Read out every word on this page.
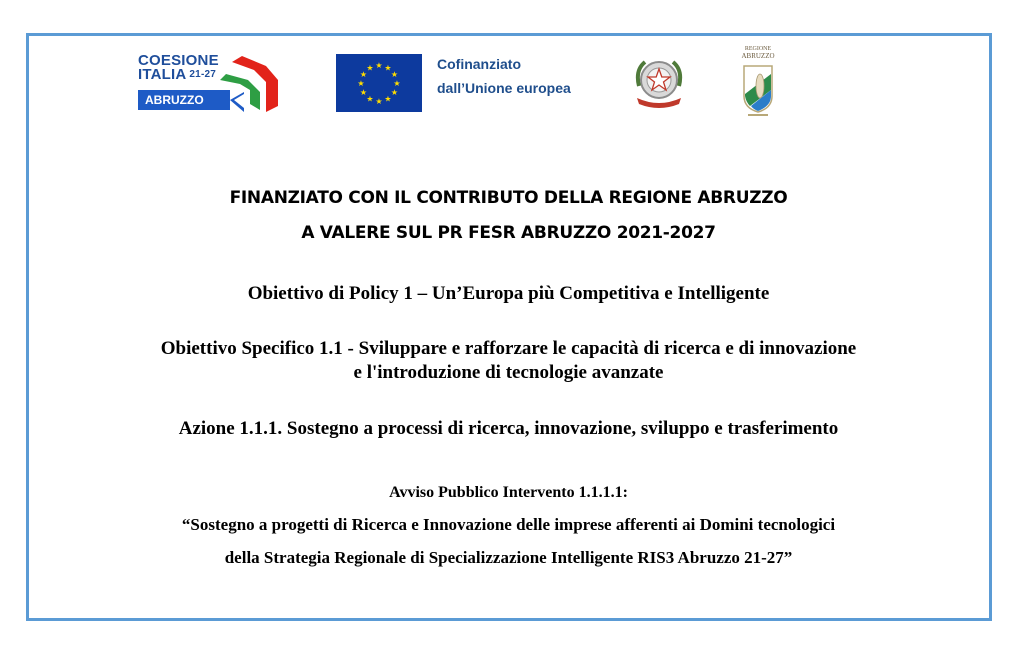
COESIONE
ITALIA 21-27
ABRUZZO
★ ★
★
★
★
★
★
★
★
★
★
★	Cofinanziato
dall’Unione europea
REGIONE
ABRUZZO
FINANZIATO CON IL CONTRIBUTO DELLA REGIONE ABRUZZO
A VALERE SUL PR FESR ABRUZZO 2021-2027
Obiettivo di Policy 1 – Un’Europa più Competitiva e Intelligente
Obiettivo Specifico 1.1 - Sviluppare e rafforzare le capacità di ricerca e di innovazione
e l'introduzione di tecnologie avanzate
Azione 1.1.1. Sostegno a processi di ricerca, innovazione, sviluppo e trasferimento
Avviso Pubblico Intervento 1.1.1.1:
“Sostegno a progetti di Ricerca e Innovazione delle imprese afferenti ai Domini tecnologici
della Strategia Regionale di Specializzazione Intelligente RIS3 Abruzzo 21-27”
